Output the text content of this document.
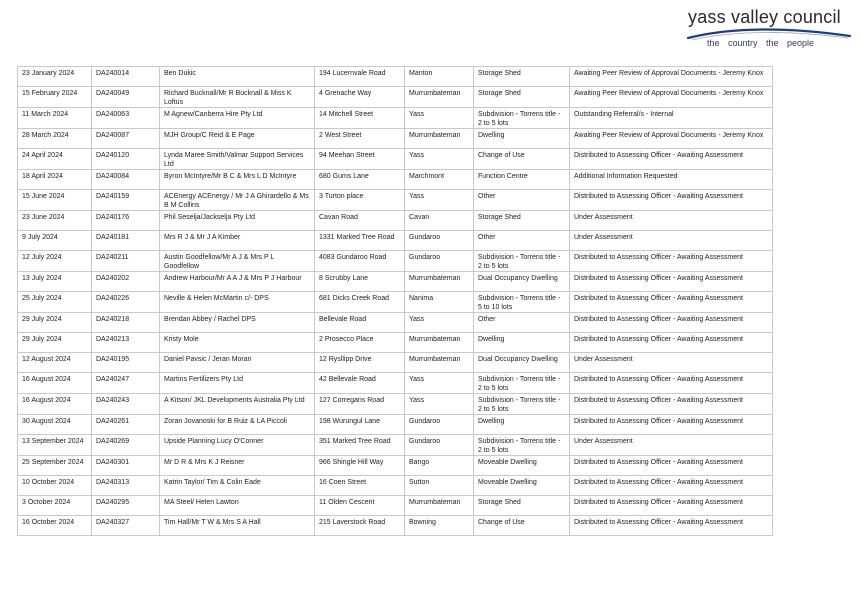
yass valley council
the country the people
23 January 2024	DA240014	Ben Dukic	194 Lucernvale Road	Manton	Storage Shed	Awaiting Peer Review of Approval Documents - Jeremy Knox
15 February 2024	DA240049	Richard Bucknall/Mr R Bucknall & Miss K Loftus	4 Grenache Way	Murrumbateman	Storage Shed	Awaiting Peer Review of Approval Documents - Jeremy Knox
11 March 2024	DA240063	M Agnew/Canberra Hire Pty Ltd	14 Mitchell Street	Yass	Subdivision - Torrens title - 2 to 5 lots	Outstanding Referral/s - Internal
28 March 2024	DA240087	MJH Group/C Reid & E Page	2 West Street	Murrumbateman	Dwelling	Awaiting Peer Review of Approval Documents - Jeremy Knox
24 April 2024	DA240120	Lynda Maree Smith/Valmar Support Services Ltd	94 Meehan Street	Yass	Change of Use	Distributed to Assessing Officer - Awaiting Assessment
18 April 2024	DA240084	Byron McIntyre/Mr B C & Mrs L D McIntyre	680 Gums Lane	Marchmont	Function Centre	Additional Information Requested
15 June 2024	DA240159	ACEnergy ACEnergy / Mr J A Ghirardello & Ms B M Collins	3 Turton place	Yass	Other	Distributed to Assessing Officer - Awaiting Assessment
23 June 2024	DA240176	Phil Seselja/Jackselja Pty Ltd	Cavan Road	Cavan	Storage Shed	Under Assessment
9 July 2024	DA240181	Mrs R J & Mr J A Kimber	1331 Marked Tree Road	Gundaroo	Other	Under Assessment
12 July 2024	DA240211	Austin Goodfellow/Mr A J & Mrs P L Goodfellow	4083 Gundaroo Road	Gundaroo	Subdivision - Torrens title - 2 to 5 lots	Distributed to Assessing Officer - Awaiting Assessment
13 July 2024	DA240202	Andrew Harbour/Mr A A J & Mrs P J Harbour	8 Scrubby Lane	Murrumbateman	Dual Occupancy Dwelling	Distributed to Assessing Officer - Awaiting Assessment
25 July 2024	DA240226	Neville & Helen McMartin c/- DPS	681 Dicks Creek Road	Nanima	Subdivision - Torrens title - 5 to 10 lots	Distributed to Assessing Officer - Awaiting Assessment
29 July 2024	DA240218	Brendan Abbey / Rachel DPS	Bellevale Road	Yass	Other	Distributed to Assessing Officer - Awaiting Assessment
29 July 2024	DA240213	Kristy Mole	2 Prosecco Place	Murrumbateman	Dwelling	Distributed to Assessing Officer - Awaiting Assessment
12 August 2024	DA240195	Daniel Pavsic / Jeran Moran	12 Rysllipp Drive	Murrumbateman	Dual Occupancy Dwelling	Under Assessment
16 August 2024	DA240247	Martins Fertilizers Pty Ltd	42 Bellevale Road	Yass	Subdivision - Torrens title - 2 to 5 lots	Distributed to Assessing Officer - Awaiting Assessment
16 August 2024	DA240243	A Kitson/ JKL Developments Australia Pty Ltd	127 Corregans Road	Yass	Subdivision - Torrens title - 2 to 5 lots	Distributed to Assessing Officer - Awaiting Assessment
30 August 2024	DA240261	Zoran Jovanoski for B Ruiz & LA Piccoli	198 Wurungul Lane	Gundaroo	Dwelling	Distributed to Assessing Officer - Awaiting Assessment
13 September 2024	DA240269	Upside Planning Lucy O'Conner	351 Marked Tree Road	Gundaroo	Subdivision - Torrens title - 2 to 5 lots	Under Assessment
25 September 2024	DA240301	Mr D R & Mrs K J Reisner	966 Shingle Hill Way	Bango	Moveable Dwelling	Distributed to Assessing Officer - Awaiting Assessment
10 October 2024	DA240313	Katrin Taylor/ Tim & Colin Eade	16 Coen Street	Sutton	Moveable Dwelling	Distributed to Assessing Officer - Awaiting Assessment
3 October 2024	DA240295	MA Steel/ Helen Lawton	11 Olden Cescent	Murrumbateman	Storage Shed	Distributed to Assessing Officer - Awaiting Assessment
16 October 2024	DA240327	Tim Hall/Mr T W & Mrs S A Hall	215 Laverstock Road	Bowning	Change of Use	Distributed to Assessing Officer - Awaiting Assessment
